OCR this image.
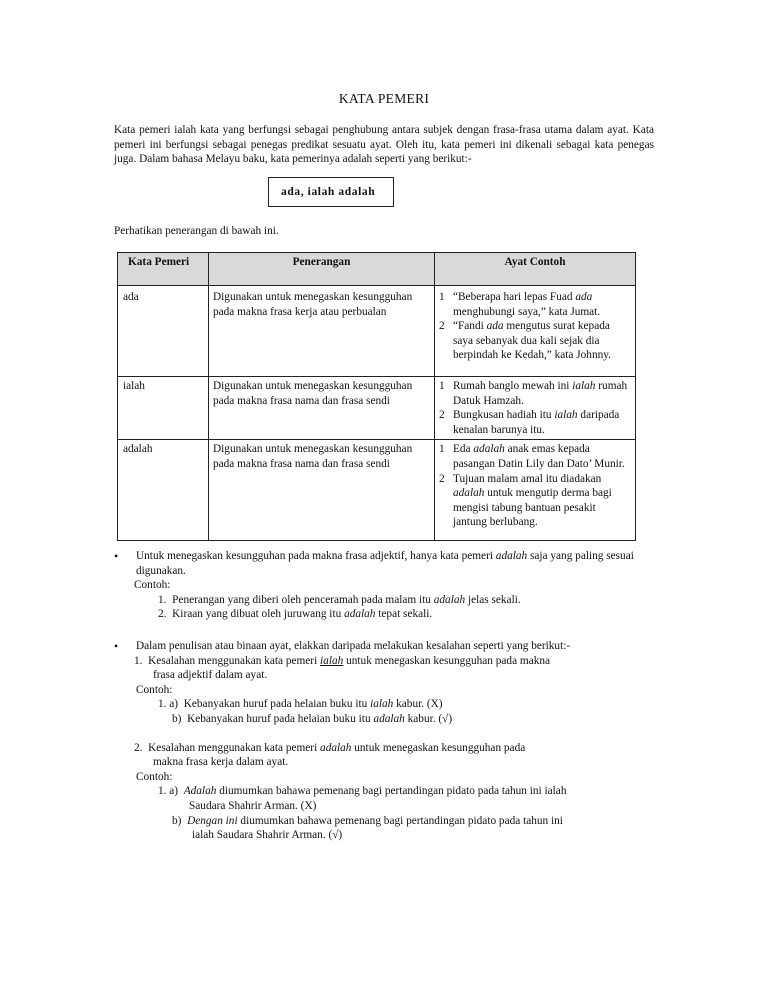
KATA PEMERI
Kata pemeri ialah kata yang berfungsi sebagai penghubung antara subjek dengan frasa-frasa utama dalam ayat. Kata pemeri ini berfungsi sebagai penegas predikat sesuatu ayat. Oleh itu, kata pemeri ini dikenali sebagai kata penegas juga. Dalam bahasa Melayu baku, kata pemerinya adalah seperti yang berikut:-
ada, ialah adalah
Perhatikan penerangan di bawah ini.
Kata Pemeri	Penerangan	Ayat Contoh
ada	Digunakan untuk menegaskan kesungguhan pada makna frasa kerja atau perbualan	1 “Beberapa hari lepas Fuad ada menghubungi saya,” kata Jumat.
2 “Fandi ada mengutus surat kepada saya sebanyak dua kali sejak dia berpindah ke Kedah,” kata Johnny.

ialah	Digunakan untuk menegaskan kesungguhan pada makna frasa nama dan frasa sendi	1 Rumah banglo mewah ini ialah rumah Datuk Hamzah.
2 Bungkusan hadiah itu ialah daripada kenalan barunya itu.

adalah	Digunakan untuk menegaskan kesungguhan pada makna frasa nama dan frasa sendi	1 Eda adalah anak emas kepada pasangan Datin Lily dan Dato’ Munir.
2 Tujuan malam amal itu diadakan adalah untuk mengutip derma bagi mengisi tabung bantuan pesakit jantung berlubang.
•	Untuk menegaskan kesungguhan pada makna frasa adjektif, hanya kata pemeri adalah saja yang paling sesuai digunakan.
Contoh:
1. Penerangan yang diberi oleh penceramah pada malam itu adalah jelas sekali.
2. Kiraan yang dibuat oleh juruwang itu adalah tepat sekali.
•	Dalam penulisan atau binaan ayat, elakkan daripada melakukan kesalahan seperti yang berikut:-
1. Kesalahan menggunakan kata pemeri ialah untuk menegaskan kesungguhan pada makna
frasa adjektif dalam ayat.
Contoh:
1. a) Kebanyakan huruf pada helaian buku itu ialah kabur. (X)
b) Kebanyakan huruf pada helaian buku itu adalah kabur. (√)
2. Kesalahan menggunakan kata pemeri adalah untuk menegaskan kesungguhan pada
makna frasa kerja dalam ayat.
Contoh:
1. a) Adalah diumumkan bahawa pemenang bagi pertandingan pidato pada tahun ini ialah
Saudara Shahrir Arman. (X)
b) Dengan ini diumumkan bahawa pemenang bagi pertandingan pidato pada tahun ini
ialah Saudara Shahrir Arman. (√)
